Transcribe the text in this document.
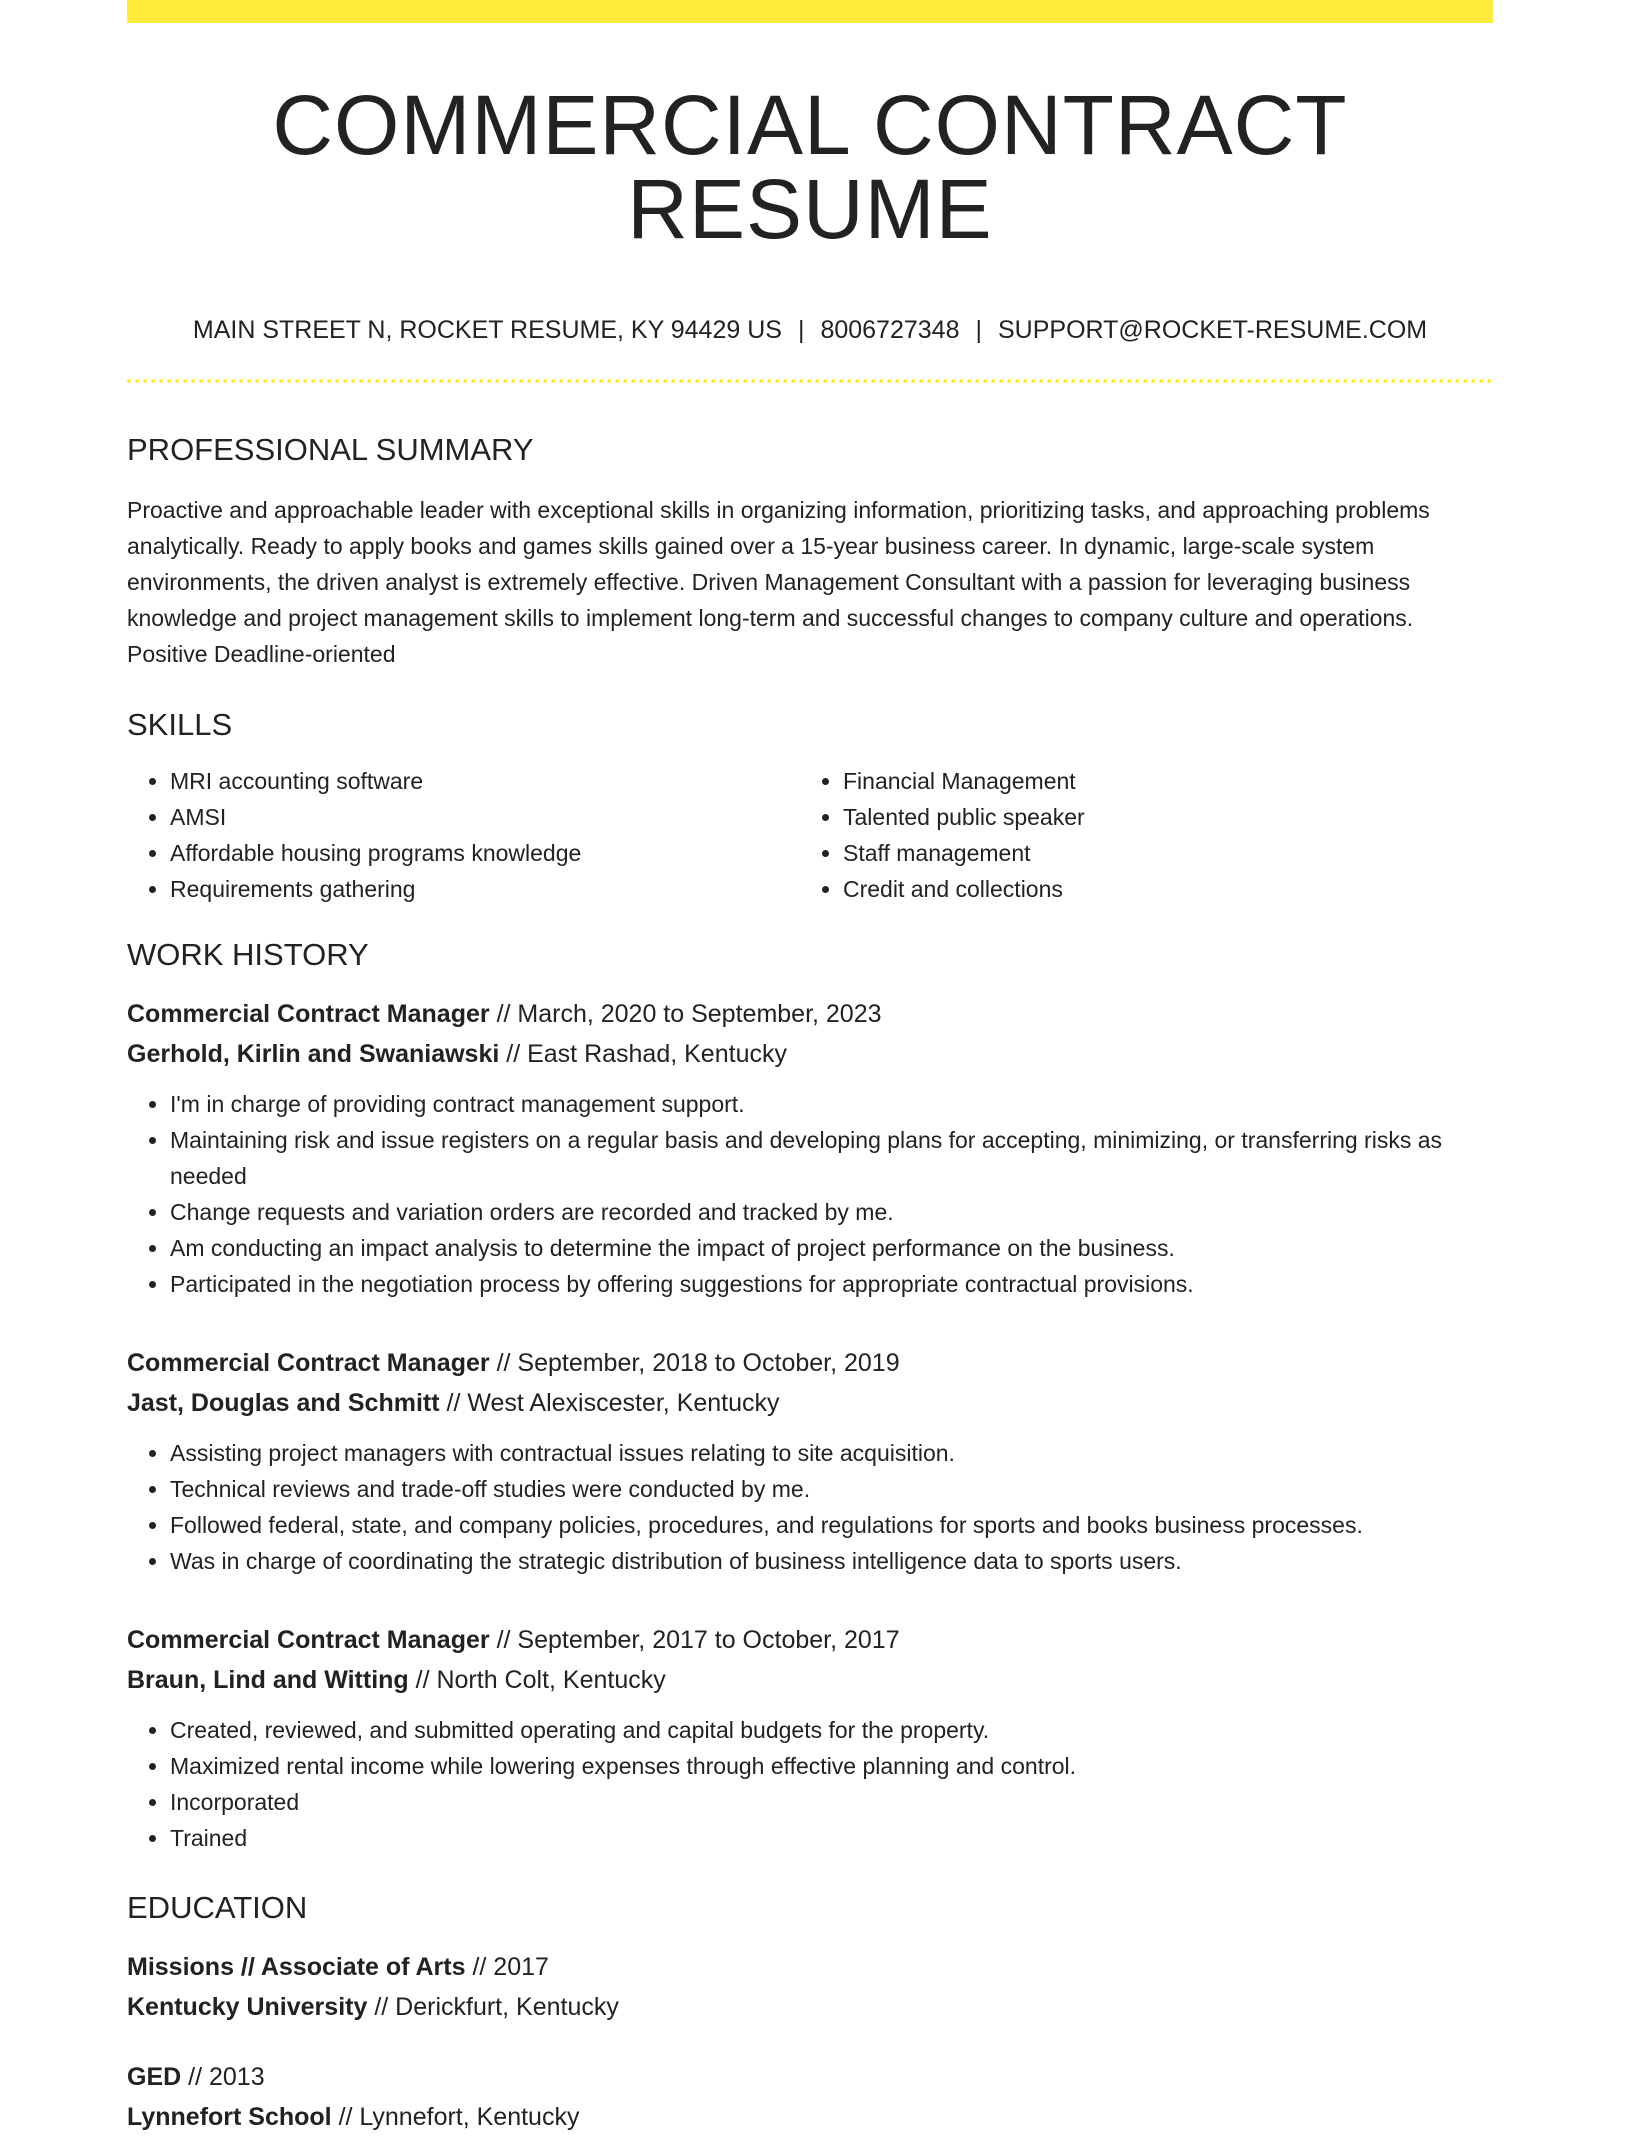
COMMERCIAL CONTRACT RESUME
MAIN STREET N, ROCKET RESUME, KY 94429 US | 8006727348 | SUPPORT@ROCKET-RESUME.COM
PROFESSIONAL SUMMARY

Proactive and approachable leader with exceptional skills in organizing information, prioritizing tasks, and approaching problems analytically. Ready to apply books and games skills gained over a 15-year business career. In dynamic, large-scale system environments, the driven analyst is extremely effective. Driven Management Consultant with a passion for leveraging business knowledge and project management skills to implement long-term and successful changes to company culture and operations. Positive Deadline-oriented

SKILLS
• MRI accounting software
• AMSI
• Affordable housing programs knowledge
• Requirements gathering
• Financial Management
• Talented public speaker
• Staff management
• Credit and collections
WORK HISTORY
Commercial Contract Manager // March, 2020 to September, 2023
Gerhold, Kirlin and Swaniawski // East Rashad, Kentucky
• I'm in charge of providing contract management support.
• Maintaining risk and issue registers on a regular basis and developing plans for accepting, minimizing, or transferring risks as needed
• Change requests and variation orders are recorded and tracked by me.
• Am conducting an impact analysis to determine the impact of project performance on the business.
• Participated in the negotiation process by offering suggestions for appropriate contractual provisions.
Commercial Contract Manager // September, 2018 to October, 2019
Jast, Douglas and Schmitt // West Alexiscester, Kentucky
• Assisting project managers with contractual issues relating to site acquisition.
• Technical reviews and trade-off studies were conducted by me.
• Followed federal, state, and company policies, procedures, and regulations for sports and books business processes.
• Was in charge of coordinating the strategic distribution of business intelligence data to sports users.
Commercial Contract Manager // September, 2017 to October, 2017
Braun, Lind and Witting // North Colt, Kentucky
• Created, reviewed, and submitted operating and capital budgets for the property.
• Maximized rental income while lowering expenses through effective planning and control.
• Incorporated
• Trained
EDUCATION
Missions // Associate of Arts // 2017
Kentucky University // Derickfurt, Kentucky
GED // 2013
Lynnefort School // Lynnefort, Kentucky
